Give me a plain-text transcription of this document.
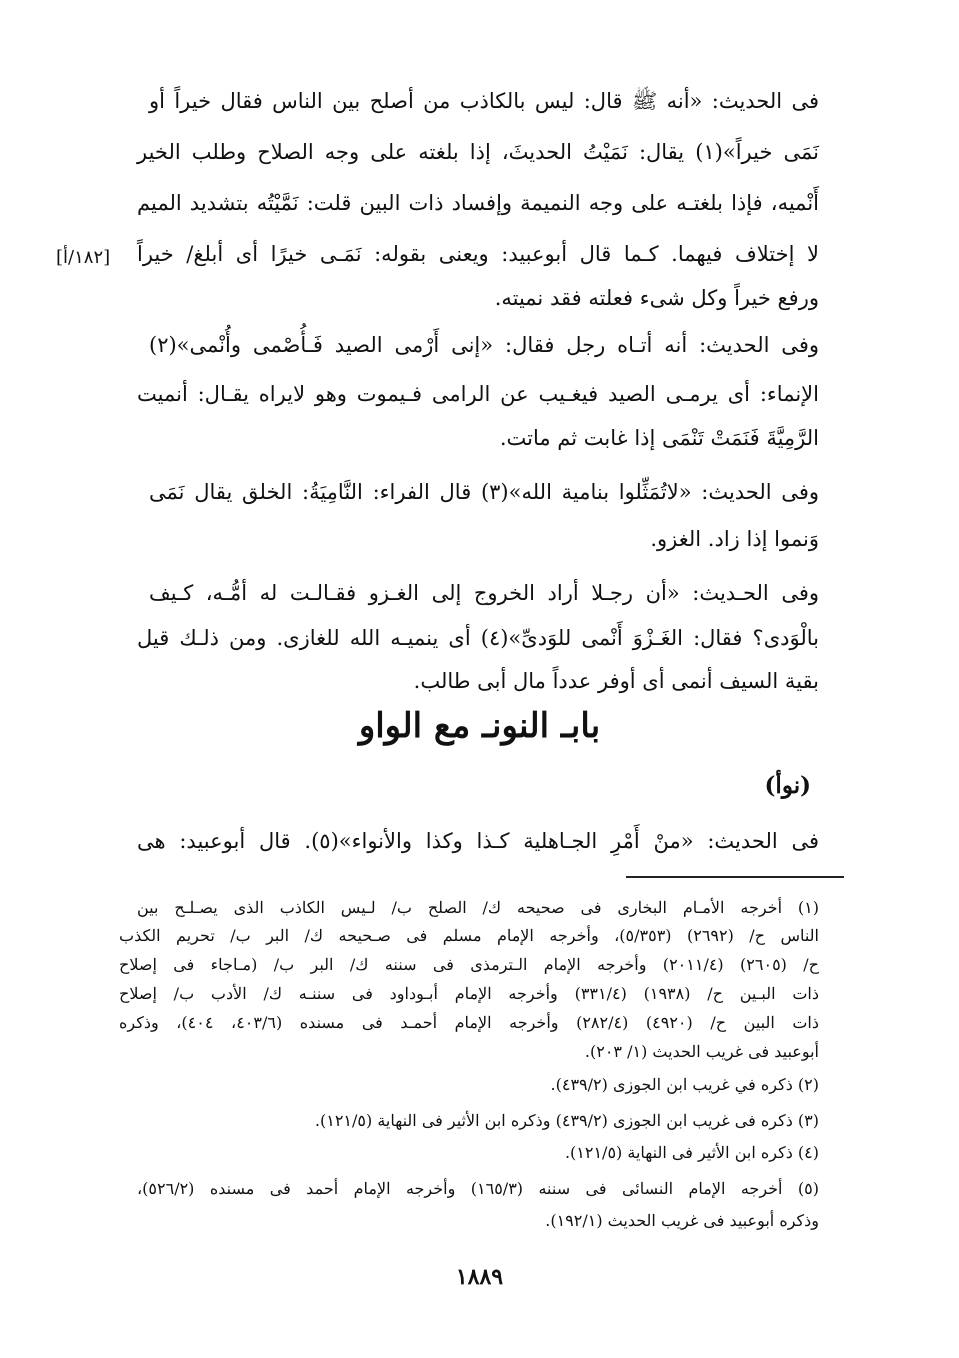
فى الحديث: «أنه ﷺ قال: ليس بالكاذب من أصلح بين الناس فقال خيراً أو
نَمَى خيراً»(١) يقال: نَمَيْتُ الحديثَ، إذا بلغته على وجه الصلاح وطلب الخير
أَنْميه، فإذا بلغتـه على وجه النميمة وإفساد ذات البين قلت: نَمَّيْتُه بتشديد الميم
لا إختلاف فيهما. كـما قال أبوعبيد: ويعنى بقوله: نَمَـى خيرًا أى أبلغ/ خيراً
[١٨٢/أ]
ورفع خيراً وكل شىء فعلته فقد نميته.
وفى الحديث: أنه أتـاه رجل فقال: «إنى أَرْمى الصيد فَـأُصْمى وأُنْمى»(٢)
الإنماء: أى يرمـى الصيد فيغـيب عن الرامى فـيموت وهو لايراه يقـال: أنميت
الرَّمِيَّةَ فَنَمَتْ تَنْمَى إذا غابت ثم ماتت.
وفى الحديث: «لاتُمَثِّلوا بنامية الله»(٣) قال الفراء: النَّامِيَةُ: الخلق يقال نَمَى
وَنموا إذا زاد. الغزو.
وفى الحـديث: «أن رجـلا أراد الخروج إلى الغـزو فقـالـت له أمُّـه، كـيف
بالْوَدى؟ فقال: الغَـزْوَ أَنْمى للوَدىِّ»(٤) أى ينميـه الله للغازى. ومن ذلـك قيل
بقية السيف أنمى أى أوفر عدداً مال أبى طالب.
بابـ النونـ مع الواو
(نوأ)
فى الحديث: «منْ أَمْرِ الجـاهلية كـذا وكذا والأنواء»(٥). قال أبوعبيد: هى
(١) أخرجه الأمـام البخارى فى صحيحه ك/ الصلح ب/ لـيس الكاذب الذى يصـلـح بين
الناس ح/ (٢٦٩٢) (٥/٣٥٣)، وأخرجه الإمام مسلم فى صـحيحه ك/ البر ب/ تحريم الكذب
ح/ (٢٦٠٥) (٢٠١١/٤) وأخرجه الإمام الـترمذى فى سننه ك/ البر ب/ (مـاجاء فى إصلاح
ذات البـين ح/ (١٩٣٨) (٣٣١/٤) وأخرجه الإمام أبـوداود فى سننـه ك/ الأدب ب/ إصلاح
ذات البين ح/ (٤٩٢٠) (٢٨٢/٤) وأخرجه الإمام أحمـد فى مسنده (٤٠٣/٦، ٤٠٤)، وذكره
أبوعبيد فى غريب الحديث (١/ ٢٠٣).
(٢) ذكره في غريب ابن الجوزى (٤٣٩/٢).
(٣) ذكره فى غريب ابن الجوزى (٤٣٩/٢) وذكره ابن الأثير فى النهاية (١٢١/٥).
(٤) ذكره ابن الأثير فى النهاية (١٢١/٥).
(٥) أخرجه الإمام النسائى فى سننه (١٦٥/٣) وأخرجه الإمام أحمد فى مسنده (٥٢٦/٢)،
وذكره أبوعبيد فى غريب الحديث (١٩٢/١).
١٨٨٩
